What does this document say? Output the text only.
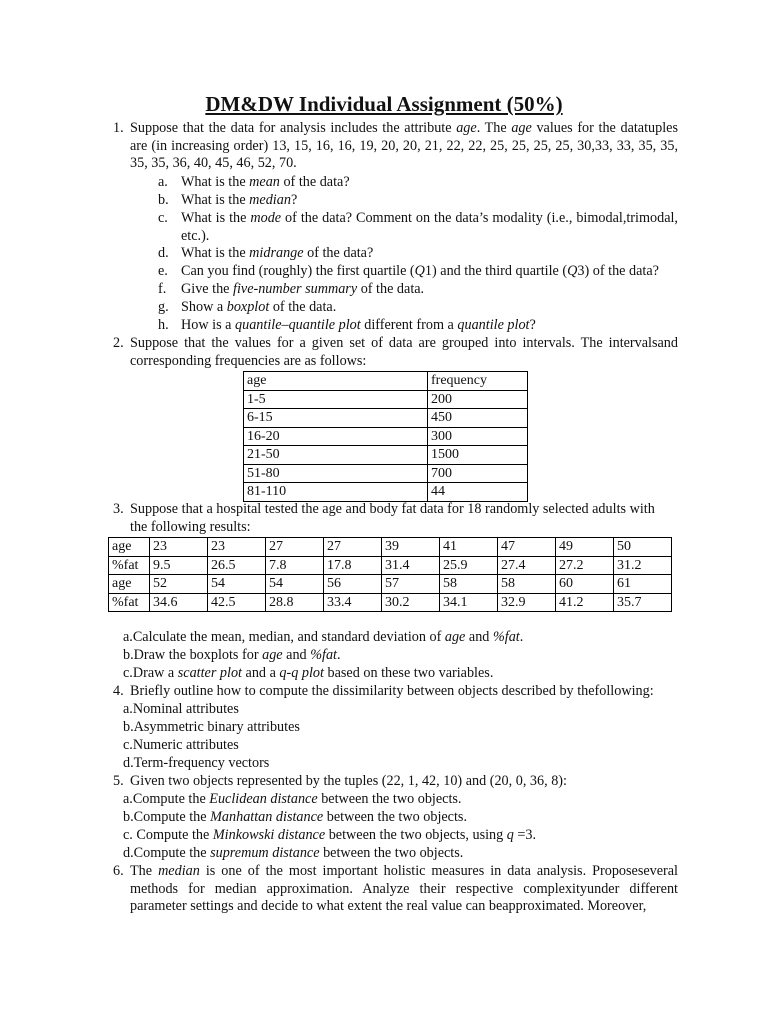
DM&DW Individual Assignment (50%)
1. Suppose that the data for analysis includes the attribute age. The age values for the datatuples are (in increasing order) 13, 15, 16, 16, 19, 20, 20, 21, 22, 22, 25, 25, 25, 25, 30,33, 33, 35, 35, 35, 35, 36, 40, 45, 46, 52, 70.
a. What is the mean of the data?
b. What is the median?
c. What is the mode of the data? Comment on the data’s modality (i.e., bimodal,trimodal, etc.).
d. What is the midrange of the data?
e. Can you find (roughly) the first quartile (Q1) and the third quartile (Q3) of the data?
f. Give the five-number summary of the data.
g. Show a boxplot of the data.
h. How is a quantile–quantile plot different from a quantile plot?
2. Suppose that the values for a given set of data are grouped into intervals. The intervalsand corresponding frequencies are as follows:
age	frequency
1-5	200
6-15	450
16-20	300
21-50	1500
51-80	700
81-110	44
3. Suppose that a hospital tested the age and body fat data for 18 randomly selected adults with the following results:
age	23	23	27	27	39	41	47	49	50
%fat	9.5	26.5	7.8	17.8	31.4	25.9	27.4	27.2	31.2
age	52	54	54	56	57	58	58	60	61
%fat	34.6	42.5	28.8	33.4	30.2	34.1	32.9	41.2	35.7
a.Calculate the mean, median, and standard deviation of age and %fat.
b.Draw the boxplots for age and %fat.
c.Draw a scatter plot and a q-q plot based on these two variables.
4. Briefly outline how to compute the dissimilarity between objects described by thefollowing:
a.Nominal attributes
b.Asymmetric binary attributes
c.Numeric attributes
d.Term-frequency vectors
5. Given two objects represented by the tuples (22, 1, 42, 10) and (20, 0, 36, 8):
a.Compute the Euclidean distance between the two objects.
b.Compute the Manhattan distance between the two objects.
c. Compute the Minkowski distance between the two objects, using q =3.
d.Compute the supremum distance between the two objects.
6. The median is one of the most important holistic measures in data analysis. Proposeseveral methods for median approximation. Analyze their respective complexityunder different parameter settings and decide to what extent the real value can beapproximated. Moreover,
